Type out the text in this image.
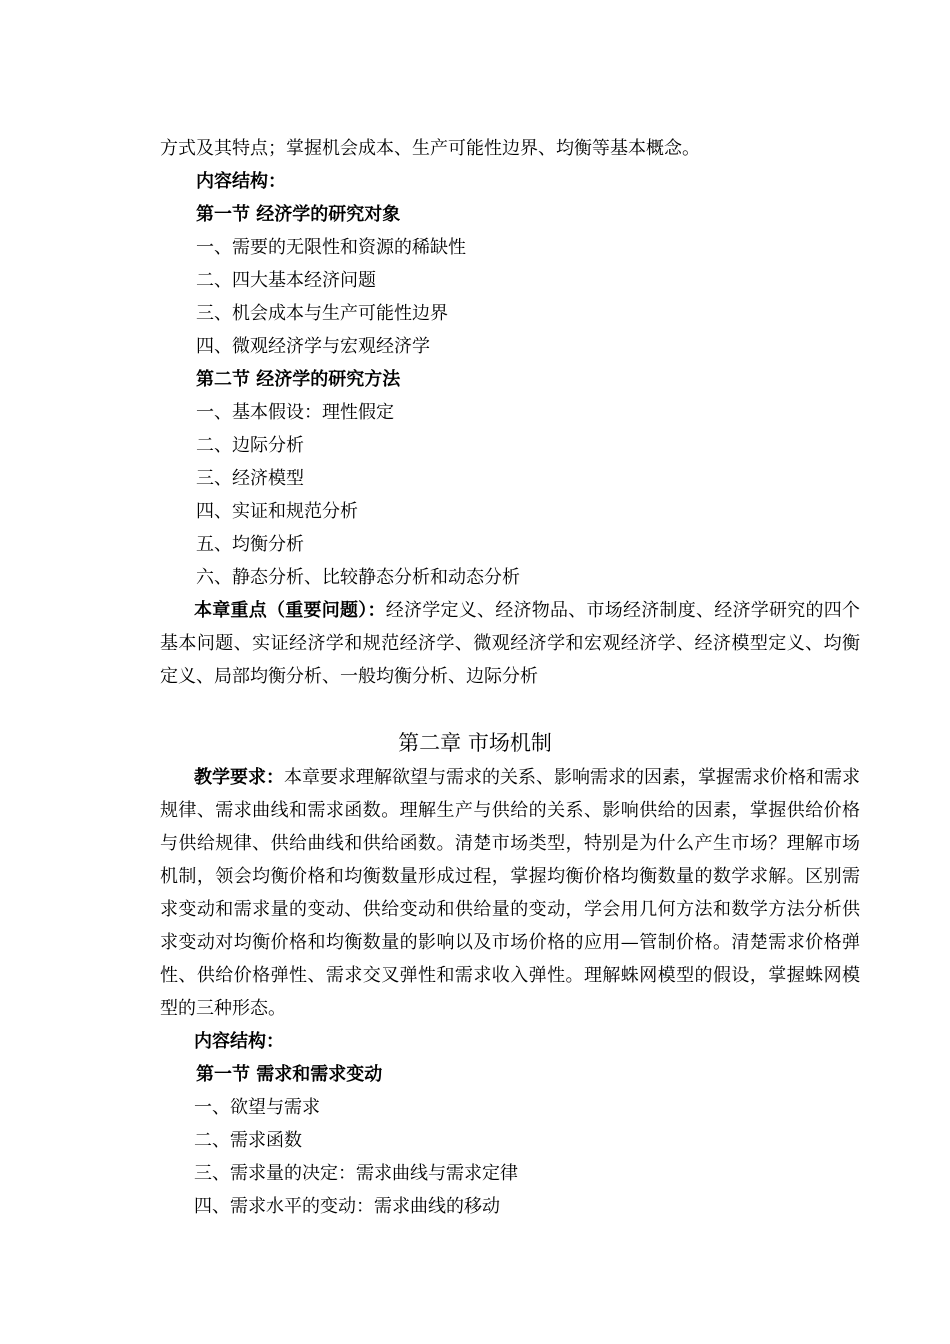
方式及其特点；掌握机会成本、生产可能性边界、均衡等基本概念。
内容结构：
第一节 经济学的研究对象
一、需要的无限性和资源的稀缺性
二、四大基本经济问题
三、机会成本与生产可能性边界
四、微观经济学与宏观经济学
第二节 经济学的研究方法
一、基本假设：理性假定
二、边际分析
三、经济模型
四、实证和规范分析
五、均衡分析
六、静态分析、比较静态分析和动态分析
本章重点（重要问题）：经济学定义、经济物品、市场经济制度、经济学研究的四个基本问题、实证经济学和规范经济学、微观经济学和宏观经济学、经济模型定义、均衡定义、局部均衡分析、一般均衡分析、边际分析
第二章 市场机制
教学要求：本章要求理解欲望与需求的关系、影响需求的因素，掌握需求价格和需求规律、需求曲线和需求函数。理解生产与供给的关系、影响供给的因素，掌握供给价格与供给规律、供给曲线和供给函数。清楚市场类型，特别是为什么产生市场？理解市场机制，领会均衡价格和均衡数量形成过程，掌握均衡价格均衡数量的数学求解。区别需求变动和需求量的变动、供给变动和供给量的变动，学会用几何方法和数学方法分析供求变动对均衡价格和均衡数量的影响以及市场价格的应用—管制价格。清楚需求价格弹性、供给价格弹性、需求交叉弹性和需求收入弹性。理解蛛网模型的假设，掌握蛛网模型的三种形态。
内容结构：
第一节 需求和需求变动
一、欲望与需求
二、需求函数
三、需求量的决定：需求曲线与需求定律
四、需求水平的变动：需求曲线的移动
